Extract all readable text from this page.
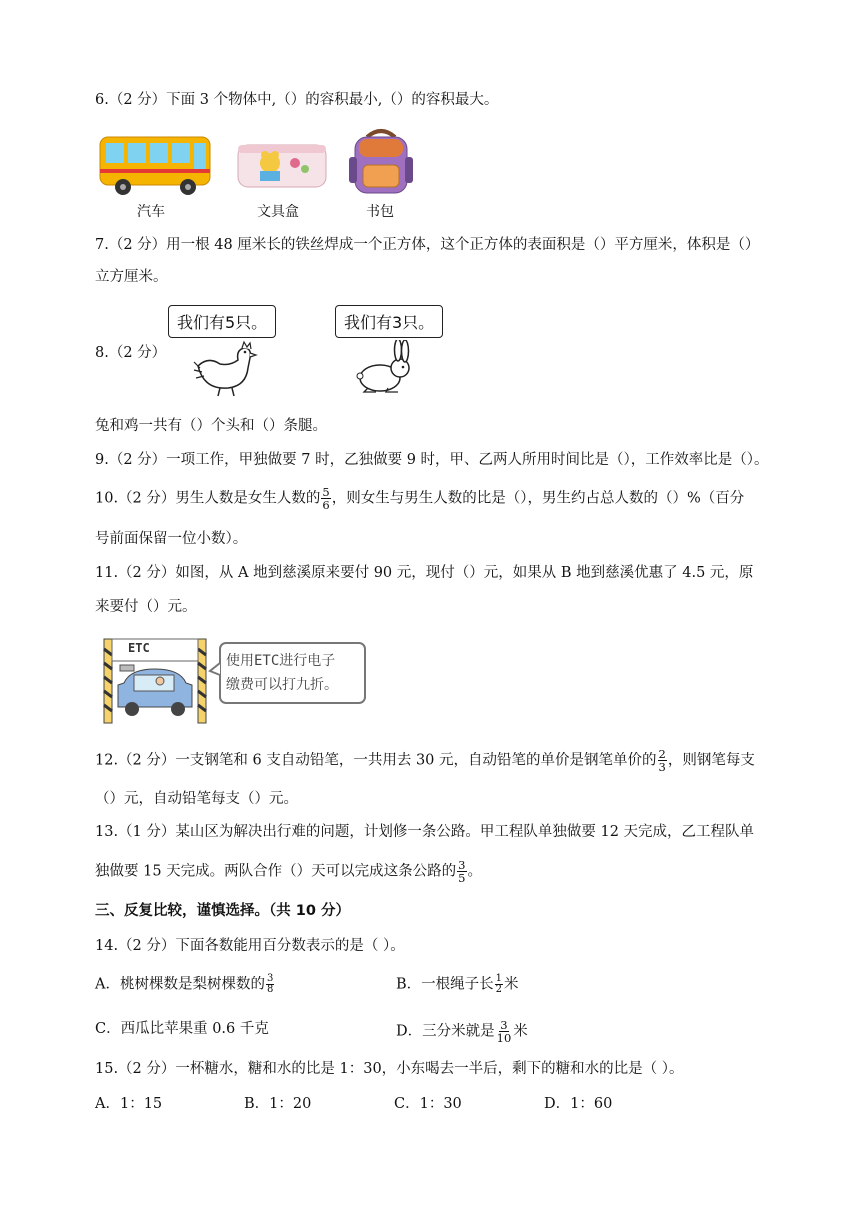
6.（2 分）下面 3 个物体中,（）的容积最小,（）的容积最大。
汽车	文具盒	书包
7.（2 分）用一根 48 厘米长的铁丝焊成一个正方体，这个正方体的表面积是（）平方厘米，体积是（）
立方厘米。
8.（2 分）
我们有5只。	我们有3只。
兔和鸡一共有（）个头和（）条腿。
9.（2 分）一项工作，甲独做要 7 时，乙独做要 9 时，甲、乙两人所用时间比是（），工作效率比是（）。
10.（2 分）男生人数是女生人数的 $\frac{5}{6}$ ，则女生与男生人数的比是（），男生约占总人数的（）%（百分
号前面保留一位小数）。
11.（2 分）如图，从 A 地到慈溪原来要付 90 元，现付（）元，如果从 B 地到慈溪优惠了 4.5 元，原
来要付（）元。
ETC
使用ETC进行电子
缴费可以打九折。
12.（2 分）一支钢笔和 6 支自动铅笔，一共用去 30 元，自动铅笔的单价是钢笔单价的 $\frac{2}{3}$ ，则钢笔每支
（）元，自动铅笔每支（）元。
13.（1 分）某山区为解决出行难的问题，计划修一条公路。甲工程队单独做要 12 天完成，乙工程队单
独做要 15 天完成。两队合作（）天可以完成这条公路的 $\frac{3}{5}$ 。
三、反复比较，谨慎选择。（共 10 分）
14.（2 分）下面各数能用百分数表示的是（ ）。
A．桃树棵数是梨树棵数的 $\frac{3}{8}$	B．一根绳子长 $\frac{1}{2}$ 米
C．西瓜比苹果重 0.6 千克	D．三分米就是 $\frac{3}{10}$ 米
15.（2 分）一杯糖水，糖和水的比是 1：30，小东喝去一半后，剩下的糖和水的比是（ ）。
A．1：15	B．1：20	C．1：30	D．1：60
